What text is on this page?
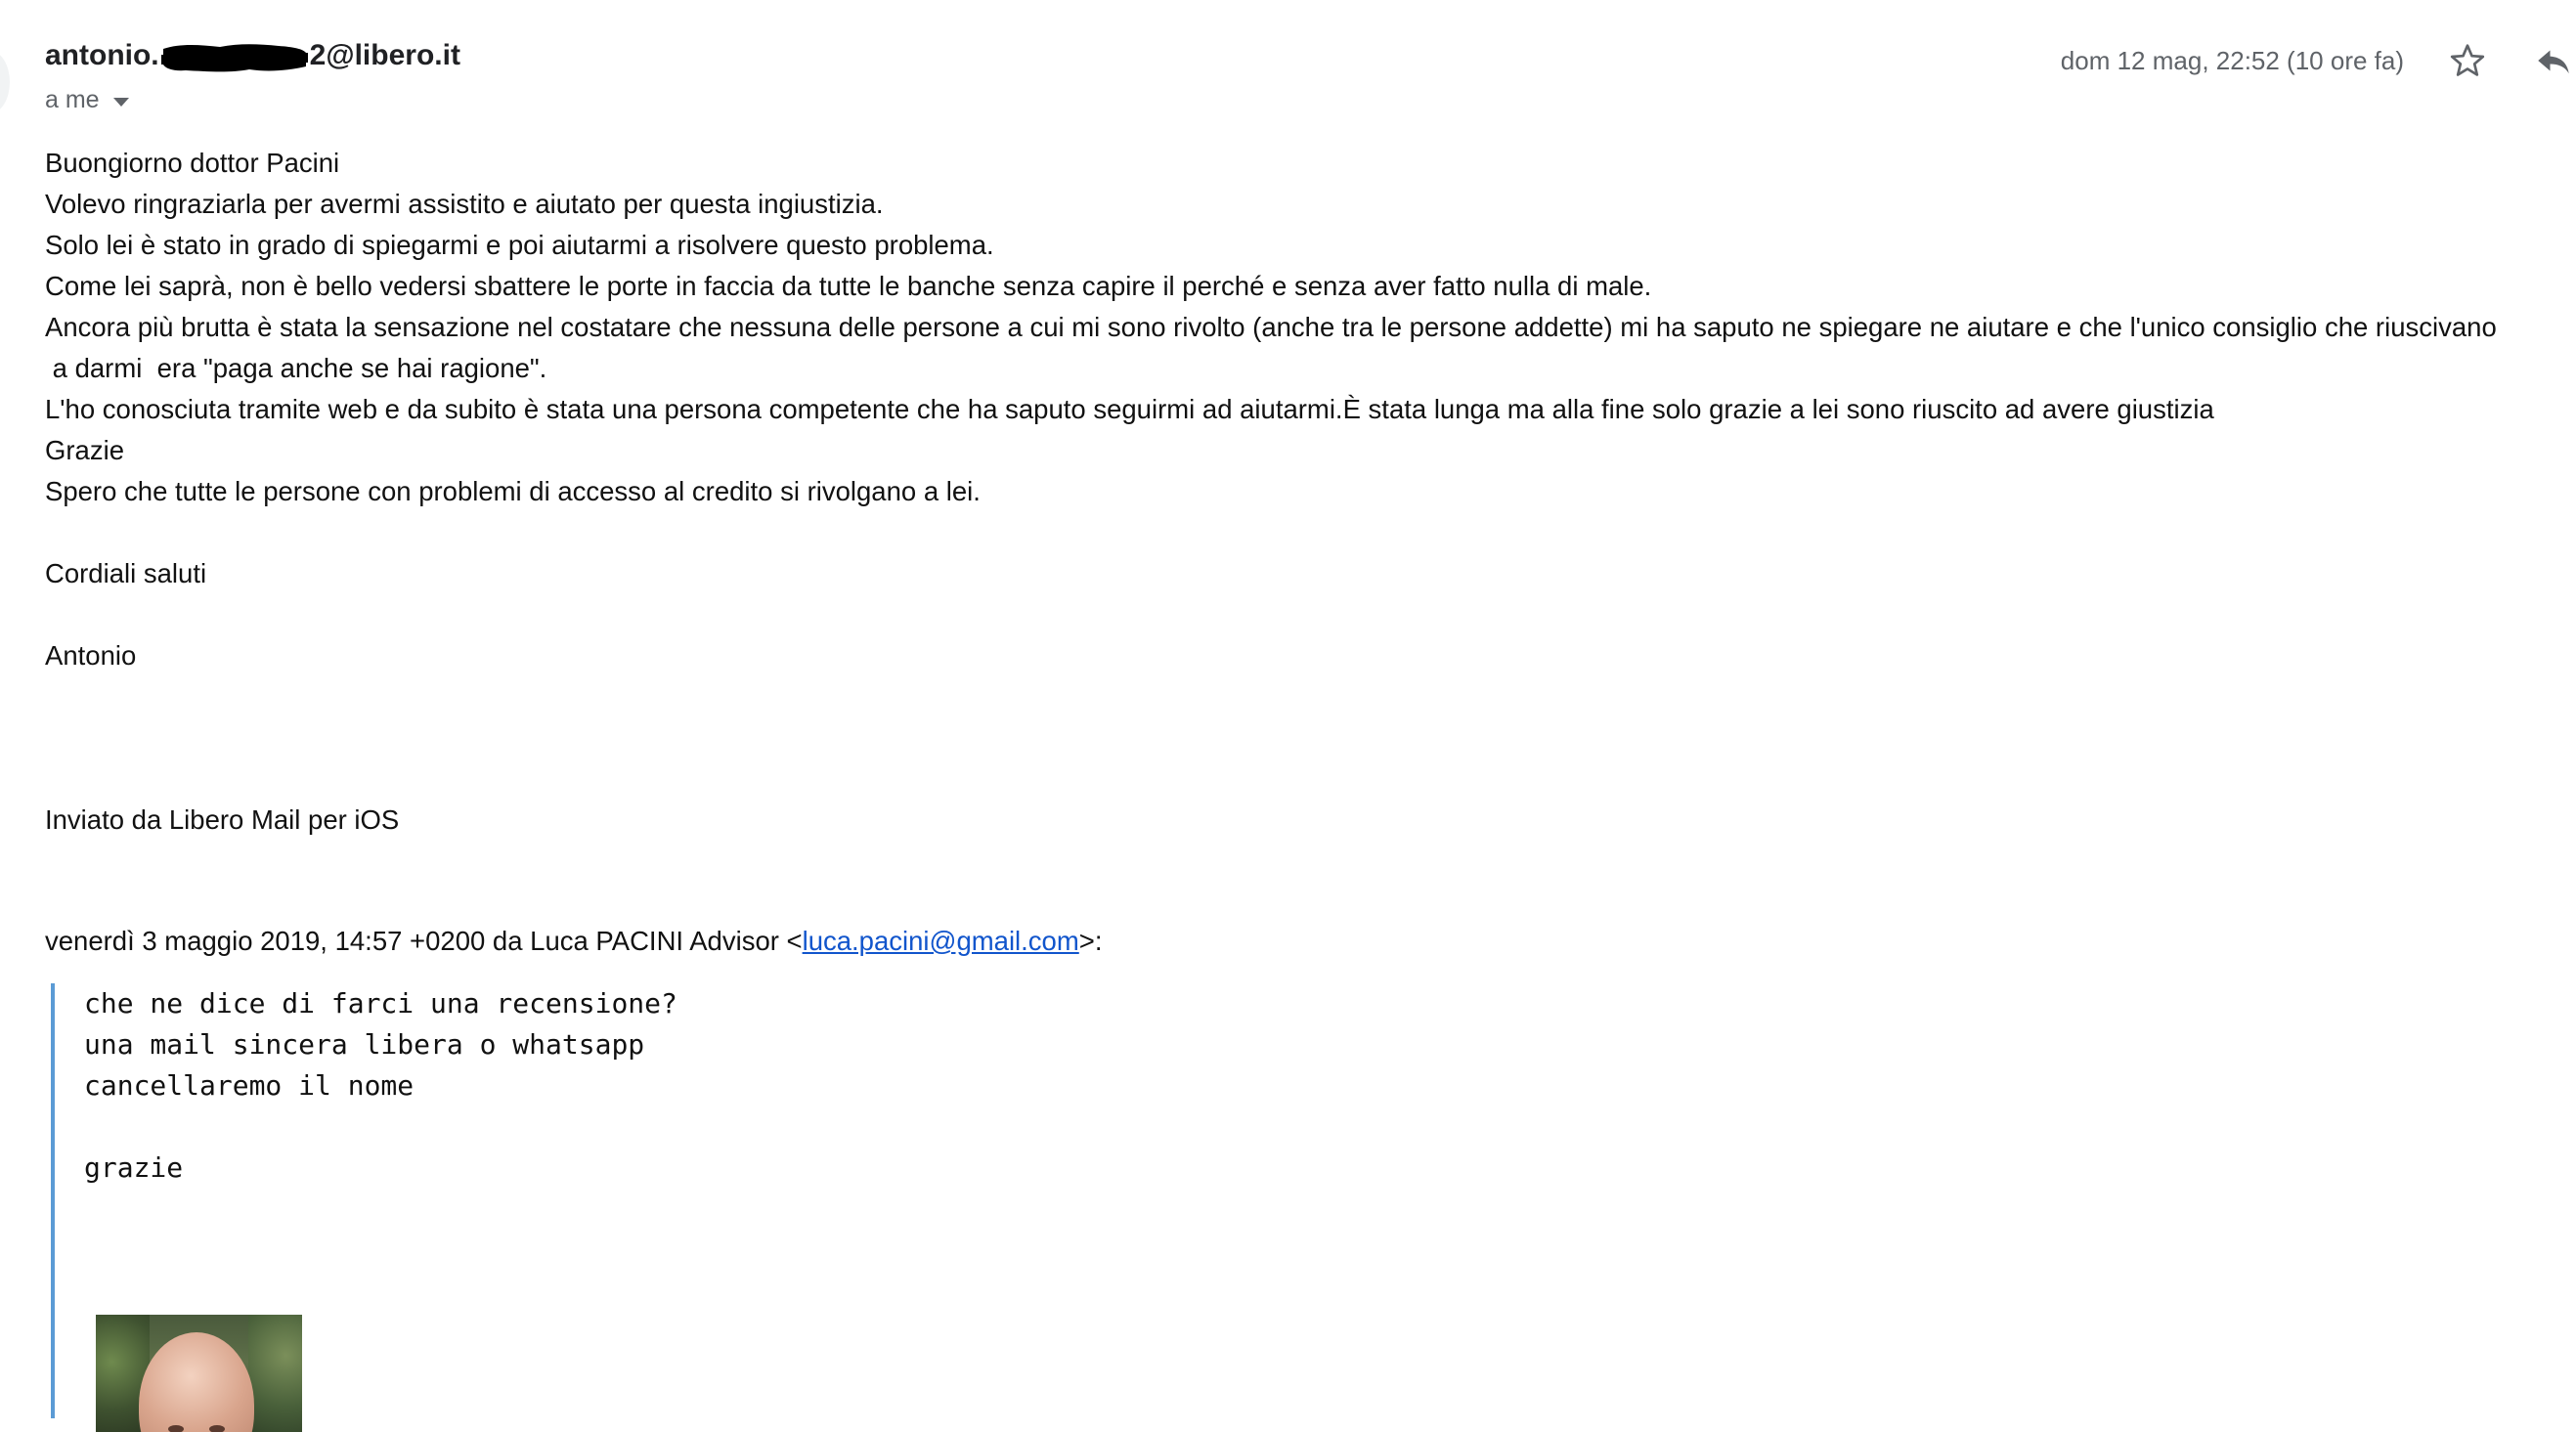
antonio.	2@libero.it
a me
dom 12 mag, 22:52 (10 ore fa)
Buongiorno dottor Pacini
Volevo ringraziarla per avermi assistito e aiutato per questa ingiustizia.
Solo lei è stato in grado di spiegarmi e poi aiutarmi a risolvere questo problema.
Come lei saprà, non è bello vedersi sbattere le porte in faccia da tutte le banche senza capire il perché e senza aver fatto nulla di male.
Ancora più brutta è stata la sensazione nel costatare che nessuna delle persone a cui mi sono rivolto (anche tra le persone addette) mi ha saputo ne spiegare ne aiutare e che l'unico consiglio che riuscivano
a darmi  era "paga anche se hai ragione".
L'ho conosciuta tramite web e da subito è stata una persona competente che ha saputo seguirmi ad aiutarmi.È stata lunga ma alla fine solo grazie a lei sono riuscito ad avere giustizia
Grazie
Spero che tutte le persone con problemi di accesso al credito si rivolgano a lei.
Cordiali saluti
Antonio
Inviato da Libero Mail per iOS
venerdì 3 maggio 2019, 14:57 +0200 da Luca PACINI Advisor <luca.pacini@gmail.com>:
che ne dice di farci una recensione?
una mail sincera libera o whatsapp
cancellaremo il nome
grazie
